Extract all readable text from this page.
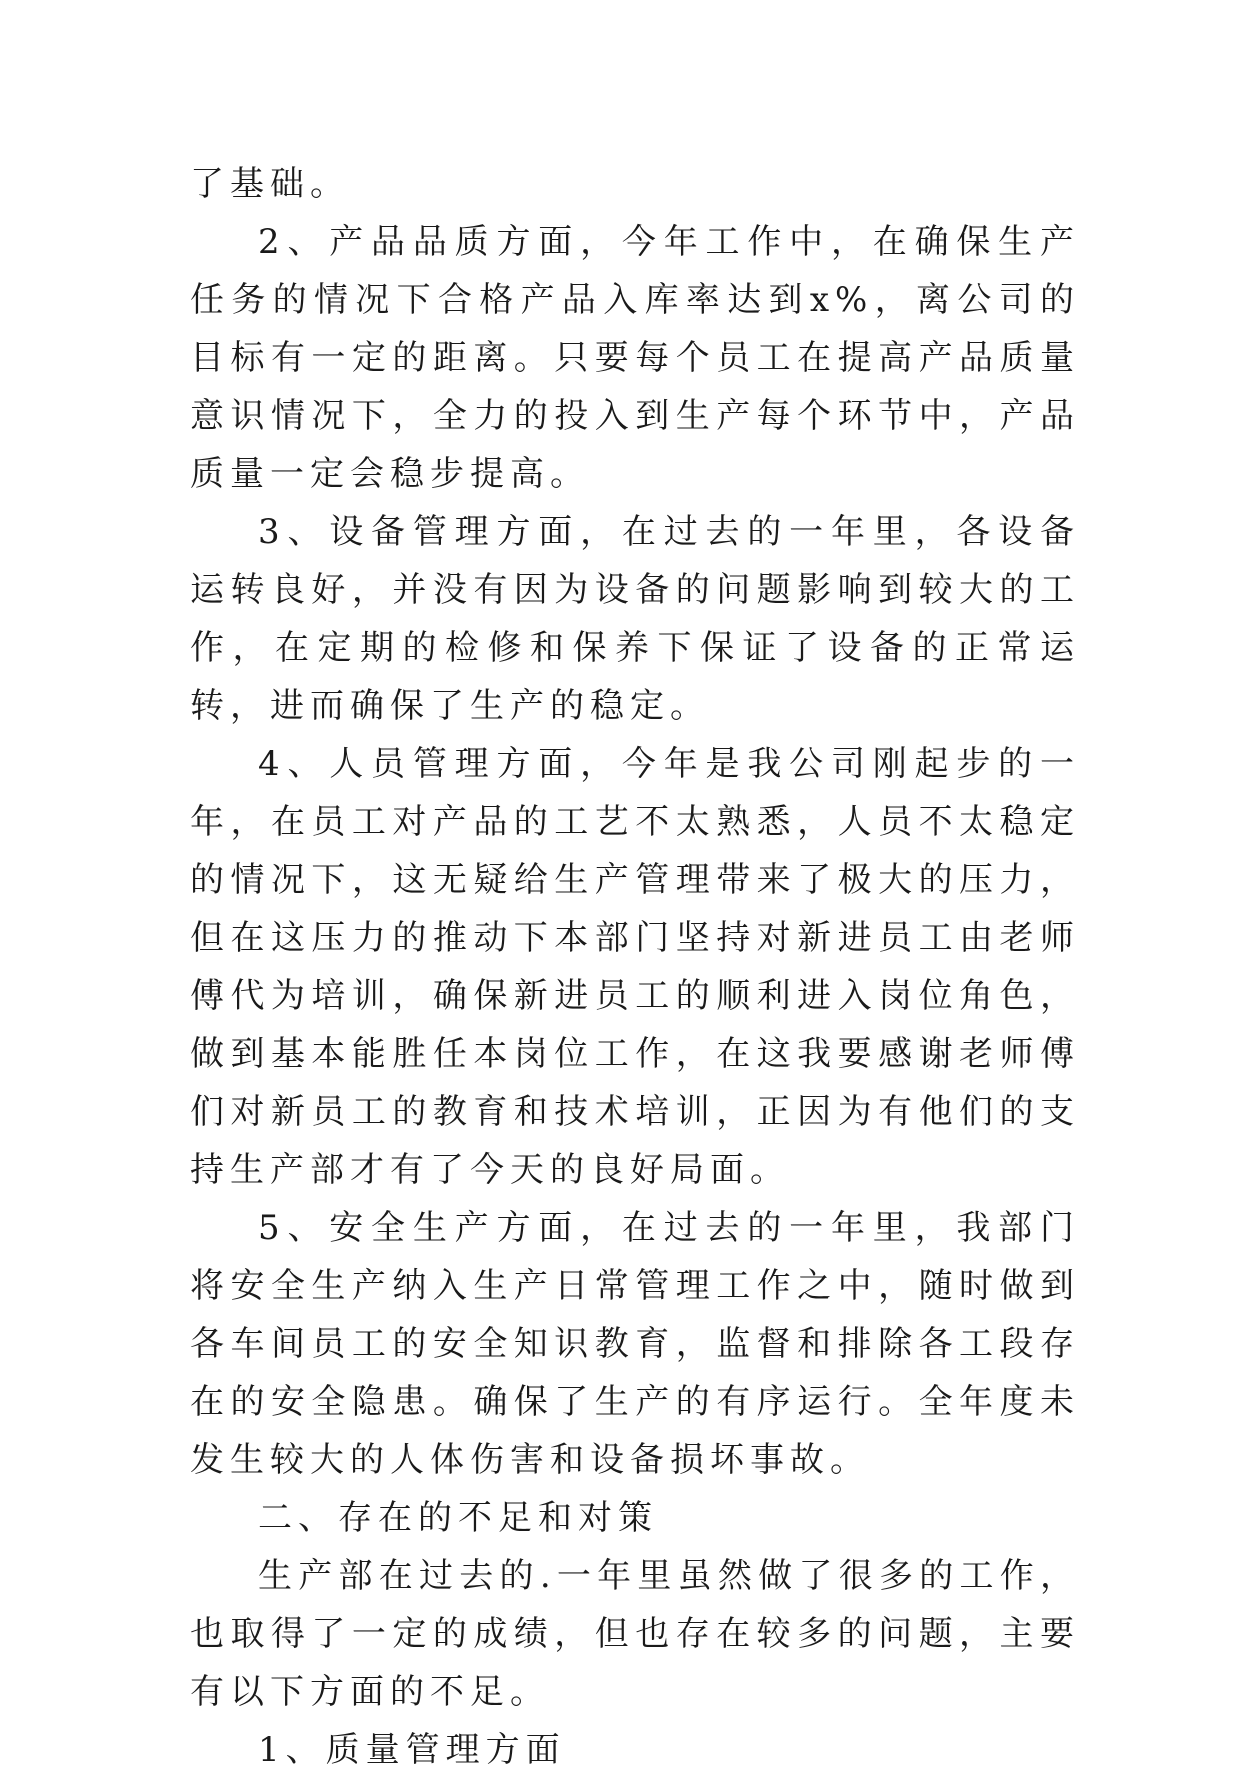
了基础。

2、产品品质方面，今年工作中，在确保生产任务的情况下合格产品入库率达到x%，离公司的目标有一定的距离。只要每个员工在提高产品质量意识情况下，全力的投入到生产每个环节中，产品质量一定会稳步提高。

3、设备管理方面，在过去的一年里，各设备运转良好，并没有因为设备的问题影响到较大的工作，在定期的检修和保养下保证了设备的正常运转，进而确保了生产的稳定。

4、人员管理方面，今年是我公司刚起步的一年，在员工对产品的工艺不太熟悉，人员不太稳定的情况下，这无疑给生产管理带来了极大的压力，但在这压力的推动下本部门坚持对新进员工由老师傅代为培训，确保新进员工的顺利进入岗位角色，做到基本能胜任本岗位工作，在这我要感谢老师傅们对新员工的教育和技术培训，正因为有他们的支持生产部才有了今天的良好局面。

5、安全生产方面，在过去的一年里，我部门将安全生产纳入生产日常管理工作之中，随时做到各车间员工的安全知识教育，监督和排除各工段存在的安全隐患。确保了生产的有序运行。全年度未发生较大的人体伤害和设备损坏事故。

二、存在的不足和对策

生产部在过去的.一年里虽然做了很多的工作，也取得了一定的成绩，但也存在较多的问题，主要有以下方面的不足。

1、质量管理方面
